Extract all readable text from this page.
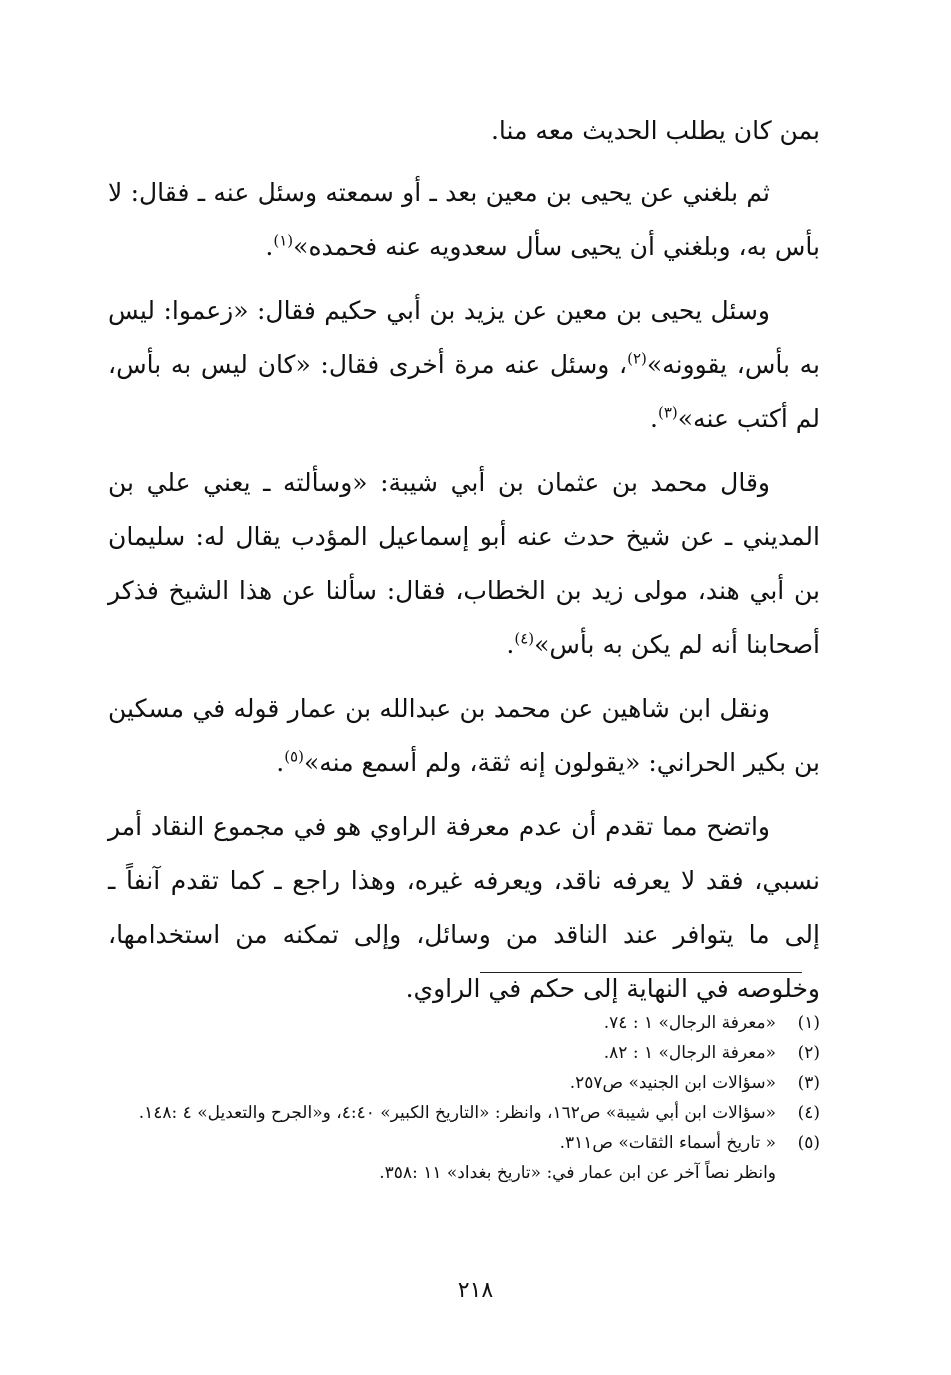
بمن كان يطلب الحديث معه منا.

ثم بلغني عن يحيى بن معين بعد ـ أو سمعته وسئل عنه ـ فقال: لا بأس به، وبلغني أن يحيى سأل سعدويه عنه فحمده»$^{(١)}$.

وسئل يحيى بن معين عن يزيد بن أبي حكيم فقال: «زعموا: ليس به بأس، يقوونه»$^{(٢)}$، وسئل عنه مرة أخرى فقال: «كان ليس به بأس، لم أكتب عنه»$^{(٣)}$.

وقال محمد بن عثمان بن أبي شيبة: «وسألته ـ يعني علي بن المديني ـ عن شيخ حدث عنه أبو إسماعيل المؤدب يقال له: سليمان بن أبي هند، مولى زيد بن الخطاب، فقال: سألنا عن هذا الشيخ فذكر أصحابنا أنه لم يكن به بأس»$^{(٤)}$.

ونقل ابن شاهين عن محمد بن عبدالله بن عمار قوله في مسكين بن بكير الحراني: «يقولون إنه ثقة، ولم أسمع منه»$^{(٥)}$.

واتضح مما تقدم أن عدم معرفة الراوي هو في مجموع النقاد أمر نسبي، فقد لا يعرفه ناقد، ويعرفه غيره، وهذا راجع ـ كما تقدم آنفاً ـ إلى ما يتوافر عند الناقد من وسائل، وإلى تمكنه من استخدامها، وخلوصه في النهاية إلى حكم في الراوي.

(١)
«معرفة الرجال» ١ : ٧٤.
(٢)
«معرفة الرجال» ١ : ٨٢.
(٣)
«سؤالات ابن الجنيد» ص٢٥٧.
(٤)
«سؤالات ابن أبي شيبة» ص١٦٢، وانظر: «التاريخ الكبير» ٤:٤٠، و«الجرح والتعديل» ٤ :١٤٨.
(٥)
« تاريخ أسماء الثقات» ص٣١١.
وانظر نصاً آخر عن ابن عمار في: «تاريخ بغداد» ١١ :٣٥٨.
٢١٨
